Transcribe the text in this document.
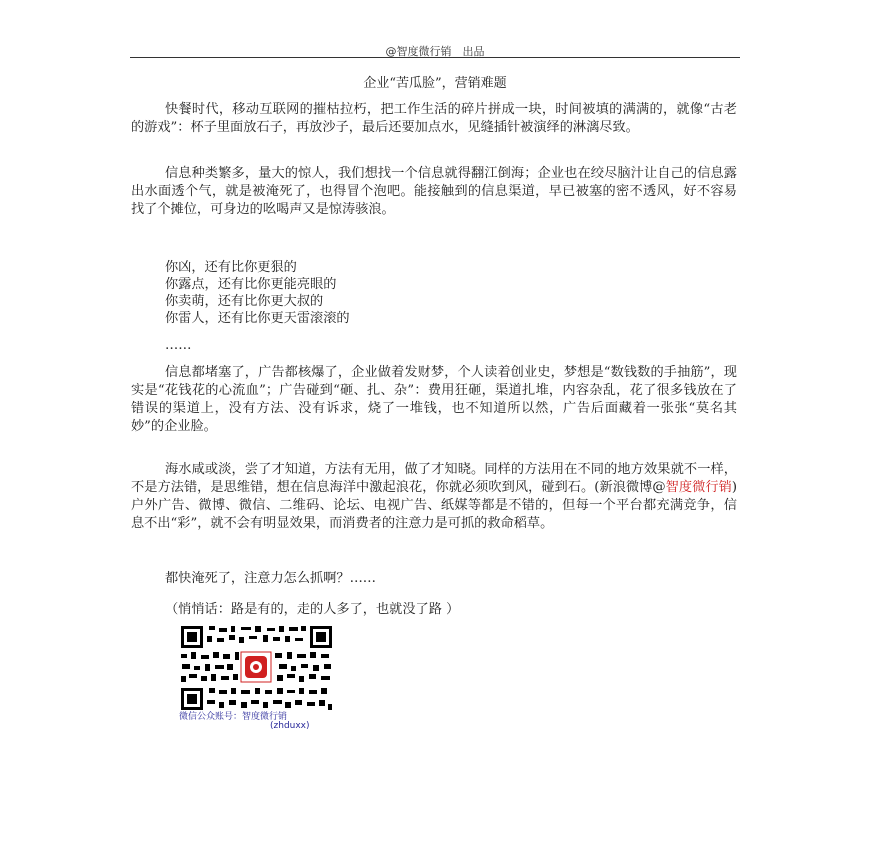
@智度微行销　出品
企业“苦瓜脸”，营销难题
快餐时代，移动互联网的摧枯拉朽，把工作生活的碎片拼成一块，时间被填的满满的，就像“古老的游戏”：杯子里面放石子，再放沙子，最后还要加点水，见缝插针被演绎的淋漓尽致。
信息种类繁多，量大的惊人，我们想找一个信息就得翻江倒海；企业也在绞尽脑汁让自己的信息露出水面透个气，就是被淹死了，也得冒个泡吧。能接触到的信息渠道，早已被塞的密不透风，好不容易找了个摊位，可身边的吆喝声又是惊涛骇浪。
你凶，还有比你更狠的
你露点，还有比你更能亮眼的
你卖萌，还有比你更大叔的
你雷人，还有比你更天雷滚滚的
……
信息都堵塞了，广告都核爆了，企业做着发财梦，个人读着创业史，梦想是“数钱数的手抽筋”，现实是“花钱花的心流血”；广告碰到“砸、扎、杂”：费用狂砸，渠道扎堆，内容杂乱，花了很多钱放在了错误的渠道上，没有方法、没有诉求，烧了一堆钱，也不知道所以然，广告后面藏着一张张“莫名其妙”的企业脸。
海水咸或淡，尝了才知道，方法有无用，做了才知晓。同样的方法用在不同的地方效果就不一样，不是方法错，是思维错，想在信息海洋中激起浪花，你就必须吹到风，碰到石。(新浪微博@智度微行销)户外广告、微博、微信、二维码、论坛、电视广告、纸媒等都是不错的，但每一个平台都充满竞争，信息不出“彩”，就不会有明显效果，而消费者的注意力是可抓的救命稻草。
都快淹死了，注意力怎么抓啊？……
（悄悄话：路是有的，走的人多了，也就没了路 ）
微信公众账号：智度微行销
(zhduxx)
